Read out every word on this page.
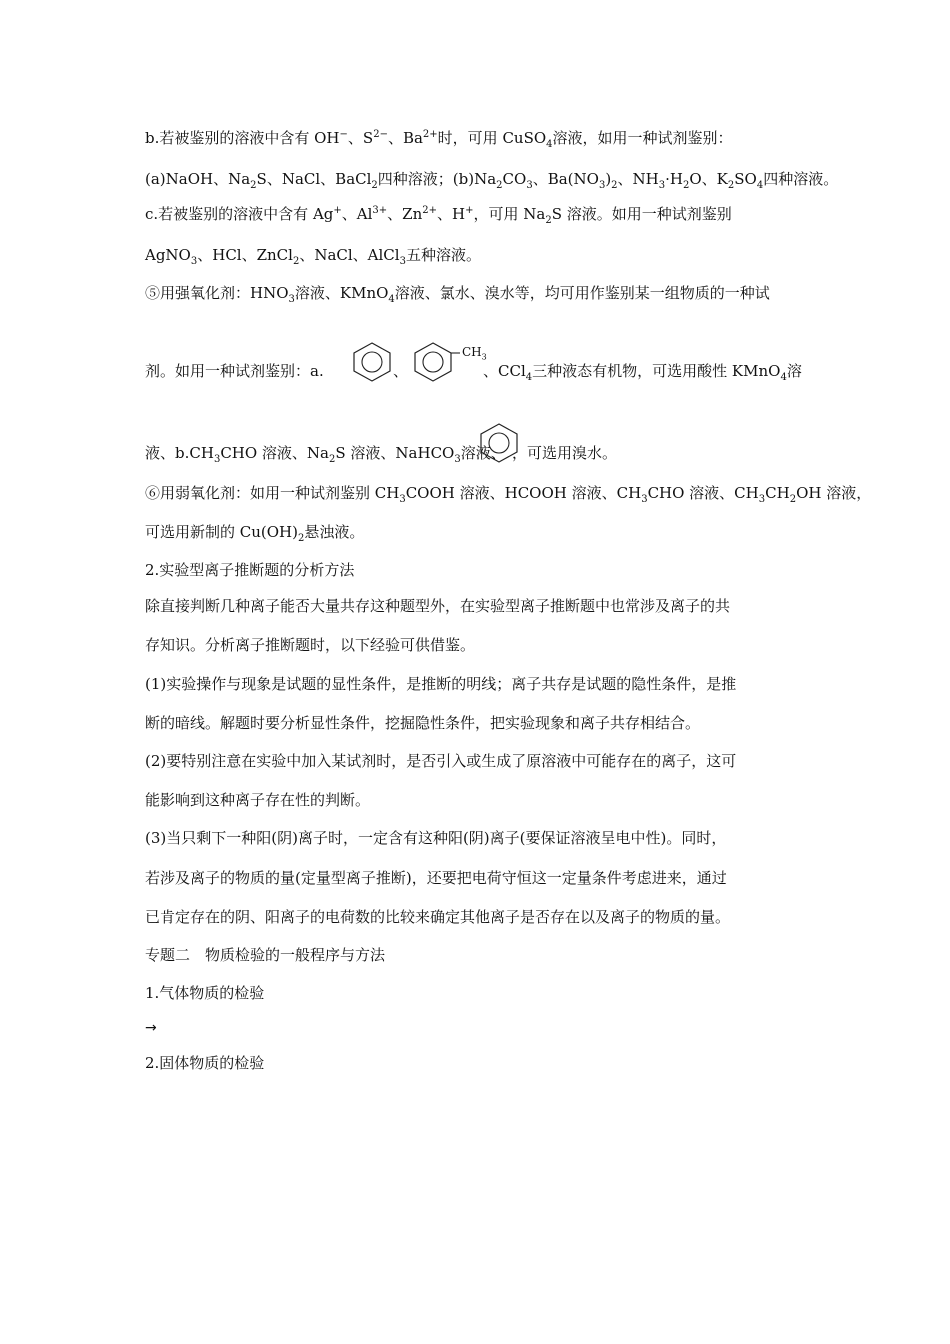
b.若被鉴别的溶液中含有 OH−、$S^{2-}$、$Ba^{2+}$时，可用 CuSO$_4$溶液，如用一种试剂鉴别：
(a)NaOH、$Na_2S$、NaCl、BaCl$_2$四种溶液；$(b)Na_2CO_3$、$Ba(NO_3)_2$、$NH_3\cdot H_2O$、$K_2SO_4$四种溶液。
c.若被鉴别的溶液中含有 Ag+、$Al^{3+}$、$Zn^{2+}$、H+，可用 $Na_2S$ 溶液。如用一种试剂鉴别
AgNO$_3$、HCl、ZnCl$_2$、NaCl、AlCl$_3$五种溶液。
⑤用强氧化剂：$HNO_3$溶液、KMnO$_4$溶液、氯水、溴水等，均可用作鉴别某一组物质的一种试
剂。如用一种试剂鉴别：a.	、
$CH_3$
、CCl$_4$三种液态有机物，可选用酸性 KMnO$_4$溶
液、$b.CH_3CHO$ 溶液、$Na_2S$ 溶液、NaHCO$_3$溶液、 ，可选用溴水。
⑥用弱氧化剂：如用一种试剂鉴别 $CH_3COOH$ 溶液、HCOOH 溶液、$CH_3CHO$ 溶液、$CH_3CH_2OH$ 溶液，
可选用新制的 $Cu(OH)_2$悬浊液。
2.实验型离子推断题的分析方法
除直接判断几种离子能否大量共存这种题型外，在实验型离子推断题中也常涉及离子的共
存知识。分析离子推断题时，以下经验可供借鉴。
(1)实验操作与现象是试题的显性条件，是推断的明线；离子共存是试题的隐性条件，是推
断的暗线。解题时要分析显性条件，挖掘隐性条件，把实验现象和离子共存相结合。
(2)要特别注意在实验中加入某试剂时，是否引入或生成了原溶液中可能存在的离子，这可
能影响到这种离子存在性的判断。
(3)当只剩下一种阳(阴)离子时，一定含有这种阳(阴)离子(要保证溶液呈电中性)。同时，
若涉及离子的物质的量(定量型离子推断)，还要把电荷守恒这一定量条件考虑进来，通过
已肯定存在的阴、阳离子的电荷数的比较来确定其他离子是否存在以及离子的物质的量。
专题二　物质检验的一般程序与方法
1.气体物质的检验
→
2.固体物质的检验
